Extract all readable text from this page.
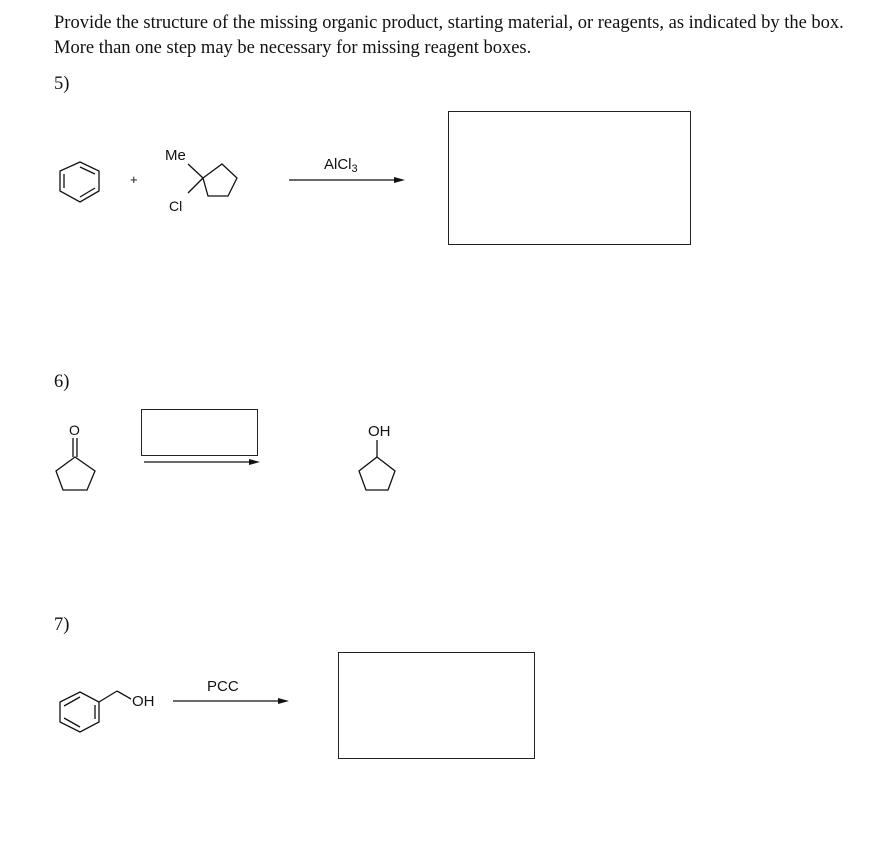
Provide the structure of the missing organic product, starting material, or reagents, as indicated by the box.

More than one step may be necessary for missing reagent boxes.

5)
+
Me
Cl
AlCl$_3$
6)
O	OH
7)
OH
PCC
